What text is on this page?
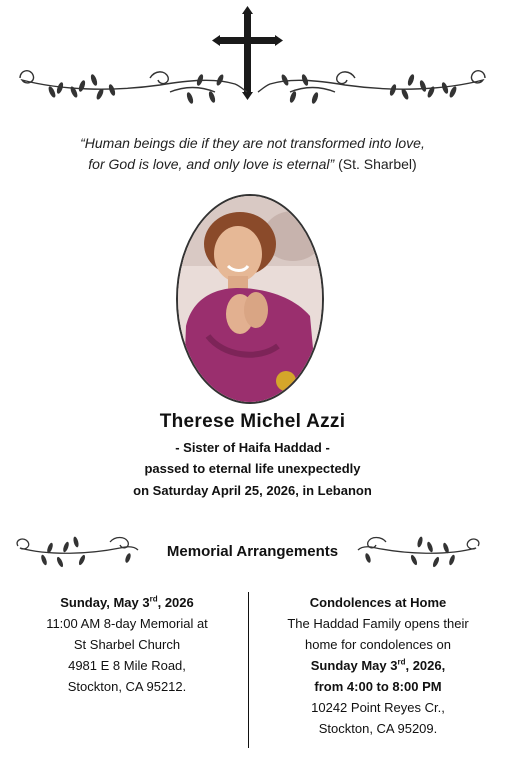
“Human beings die if they are not transformed into love,
for God is love, and only love is eternal” (St. Sharbel)
Therese Michel Azzi
- Sister of Haifa Haddad -
passed to eternal life unexpectedly
on Saturday April 25, 2026, in Lebanon
Memorial Arrangements
Sunday, May 3rd, 2026
11:00 AM 8-day Memorial at
St Sharbel Church
4981 E 8 Mile Road,
Stockton, CA 95212.
Condolences at Home
The Haddad Family opens their
home for condolences on
Sunday May 3rd, 2026,
from 4:00 to 8:00 PM
10242 Point Reyes Cr.,
Stockton, CA 95209.
